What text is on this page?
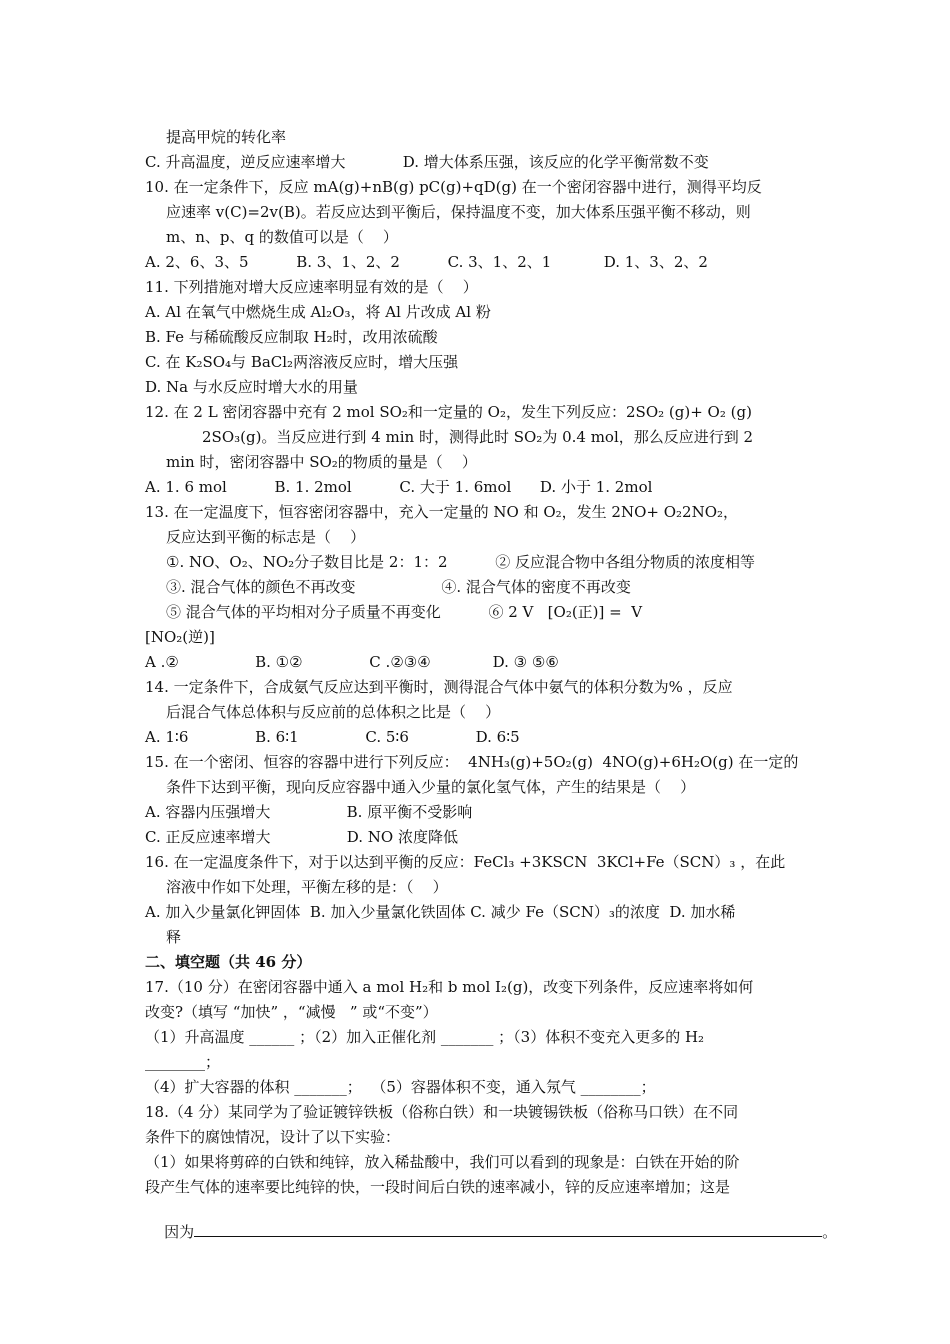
提高甲烷的转化率
C. 升高温度，逆反应速率增大            D. 增大体系压强，该反应的化学平衡常数不变
10. 在一定条件下，反应 mA(g)+nB(g) pC(g)+qD(g) 在一个密闭容器中进行，测得平均反
应速率 v(C)=2v(B)。若反应达到平衡后，保持温度不变，加大体系压强平衡不移动，则
m、n、p、q 的数值可以是（    ）
A. 2、6、3、5          B. 3、1、2、2          C. 3、1、2、1           D. 1、3、2、2
11. 下列措施对增大反应速率明显有效的是（    ）
A. Al 在氧气中燃烧生成 Al₂O₃，将 Al 片改成 Al 粉
B. Fe 与稀硫酸反应制取 H₂时，改用浓硫酸
C. 在 K₂SO₄与 BaCl₂两溶液反应时，增大压强
D. Na 与水反应时增大水的用量
12. 在 2 L 密闭容器中充有 2 mol SO₂和一定量的 O₂，发生下列反应：2SO₂ (g)+ O₂ (g)
2SO₃(g)。当反应进行到 4 min 时，测得此时 SO₂为 0.4 mol，那么反应进行到 2
min 时，密闭容器中 SO₂的物质的量是（    ）
A. 1. 6 mol          B. 1. 2mol          C. 大于 1. 6mol      D. 小于 1. 2mol
13. 在一定温度下，恒容密闭容器中，充入一定量的 NO 和 O₂，发生 2NO+ O₂2NO₂，
反应达到平衡的标志是（    ）
①. NO、O₂、NO₂分子数目比是 2：1：2          ② 反应混合物中各组分物质的浓度相等
③. 混合气体的颜色不再改变                  ④. 混合气体的密度不再改变
⑤ 混合气体的平均相对分子质量不再变化          ⑥ 2 V   [O₂(正)] =  V
[NO₂(逆)]
A .②                B. ①②              C .②③④             D. ③ ⑤⑥
14. 一定条件下，合成氨气反应达到平衡时，测得混合气体中氨气的体积分数为% ，反应
后混合气体总体积与反应前的总体积之比是（    ）
A. 1∶6              B. 6∶1              C. 5∶6              D. 6∶5
15. 在一个密闭、恒容的容器中进行下列反应：  4NH₃(g)+5O₂(g)  4NO(g)+6H₂O(g) 在一定的
条件下达到平衡，现向反应容器中通入少量的氯化氢气体，产生的结果是（    ）
A. 容器内压强增大                B. 原平衡不受影响
C. 正反应速率增大                D. NO 浓度降低
16. 在一定温度条件下，对于以达到平衡的反应：FeCl₃ +3KSCN  3KCl+Fe（SCN）₃ ，在此
溶液中作如下处理，平衡左移的是：（    ）
A. 加入少量氯化钾固体  B. 加入少量氯化铁固体 C. 减少 Fe（SCN）₃的浓度  D. 加水稀
释
二、填空题（共 46 分）
17.（10 分）在密闭容器中通入 a mol H₂和 b mol I₂(g)，改变下列条件，反应速率将如何
改变?（填写 “加快” ，“减慢   ” 或“不变”）
（1）升高温度 ______ ；（2）加入正催化剂 _______ ；（3）体积不变充入更多的 H₂
________；
（4）扩大容器的体积 _______；  （5）容器体积不变，通入氖气 ________；
18.（4 分）某同学为了验证镀锌铁板（俗称白铁）和一块镀锡铁板（俗称马口铁）在不同
条件下的腐蚀情况，设计了以下实验：
（1）如果将剪碎的白铁和纯锌，放入稀盐酸中，我们可以看到的现象是：白铁在开始的阶
段产生气体的速率要比纯锌的快，一段时间后白铁的速率减小，锌的反应速率增加；这是

因为	。
